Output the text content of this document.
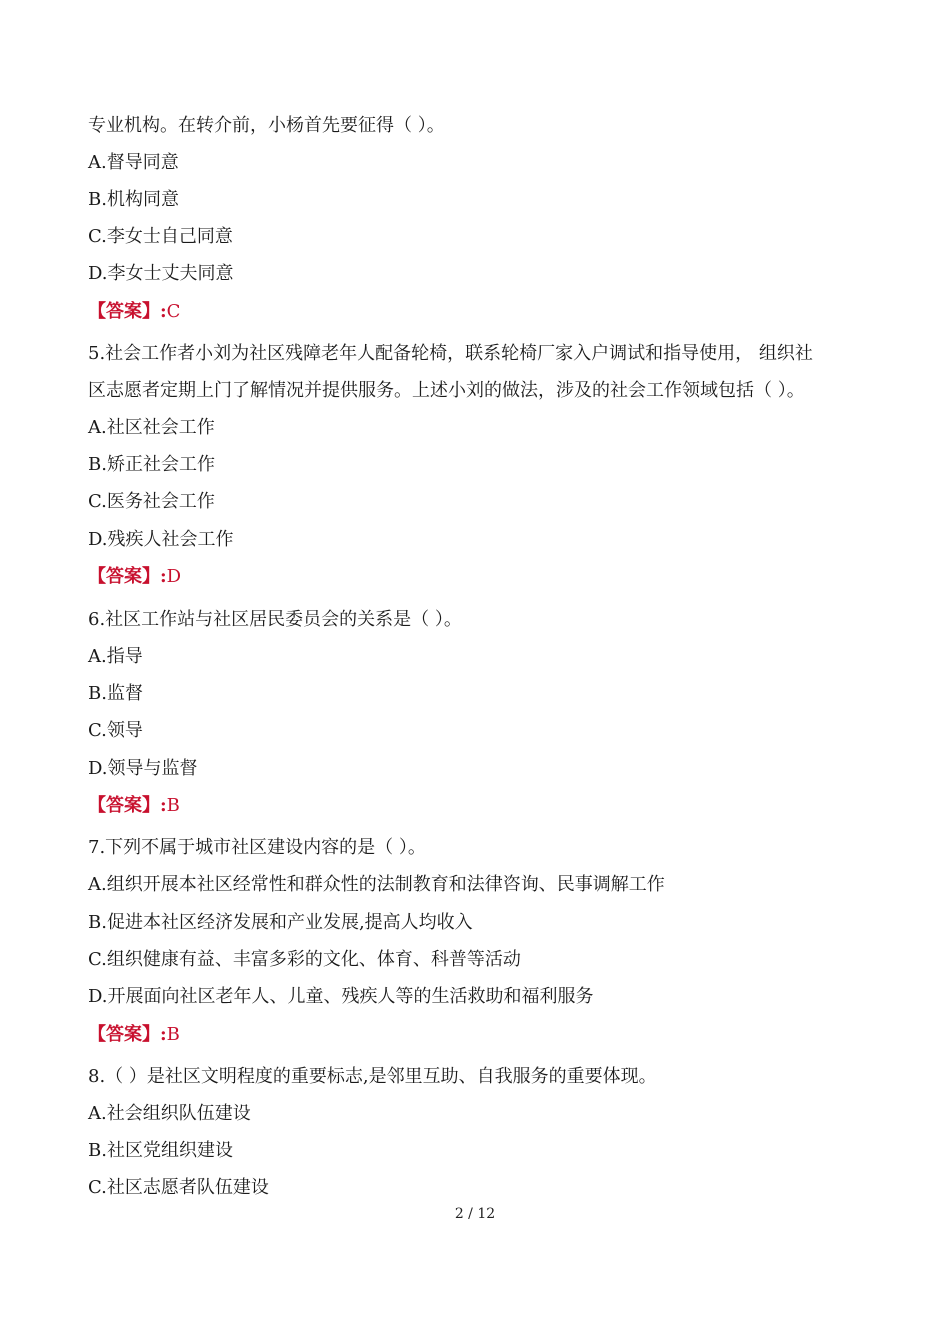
专业机构。在转介前，小杨首先要征得（ ）。
A.督导同意
B.机构同意
C.李女士自己同意
D.李女士丈夫同意
【答案】:C
5.社会工作者小刘为社区残障老年人配备轮椅，联系轮椅厂家入户调试和指导使用， 组织社
区志愿者定期上门了解情况并提供服务。上述小刘的做法，涉及的社会工作领域包括（ ）。
A.社区社会工作
B.矫正社会工作
C.医务社会工作
D.残疾人社会工作
【答案】:D
6.社区工作站与社区居民委员会的关系是（ ）。
A.指导
B.监督
C.领导
D.领导与监督
【答案】:B
7.下列不属于城市社区建设内容的是（ ）。
A.组织开展本社区经常性和群众性的法制教育和法律咨询、民事调解工作
B.促进本社区经济发展和产业发展,提高人均收入
C.组织健康有益、丰富多彩的文化、体育、科普等活动
D.开展面向社区老年人、儿童、残疾人等的生活救助和福利服务
【答案】:B
8.（ ）是社区文明程度的重要标志,是邻里互助、自我服务的重要体现。
A.社会组织队伍建设
B.社区党组织建设
C.社区志愿者队伍建设
2 / 12
